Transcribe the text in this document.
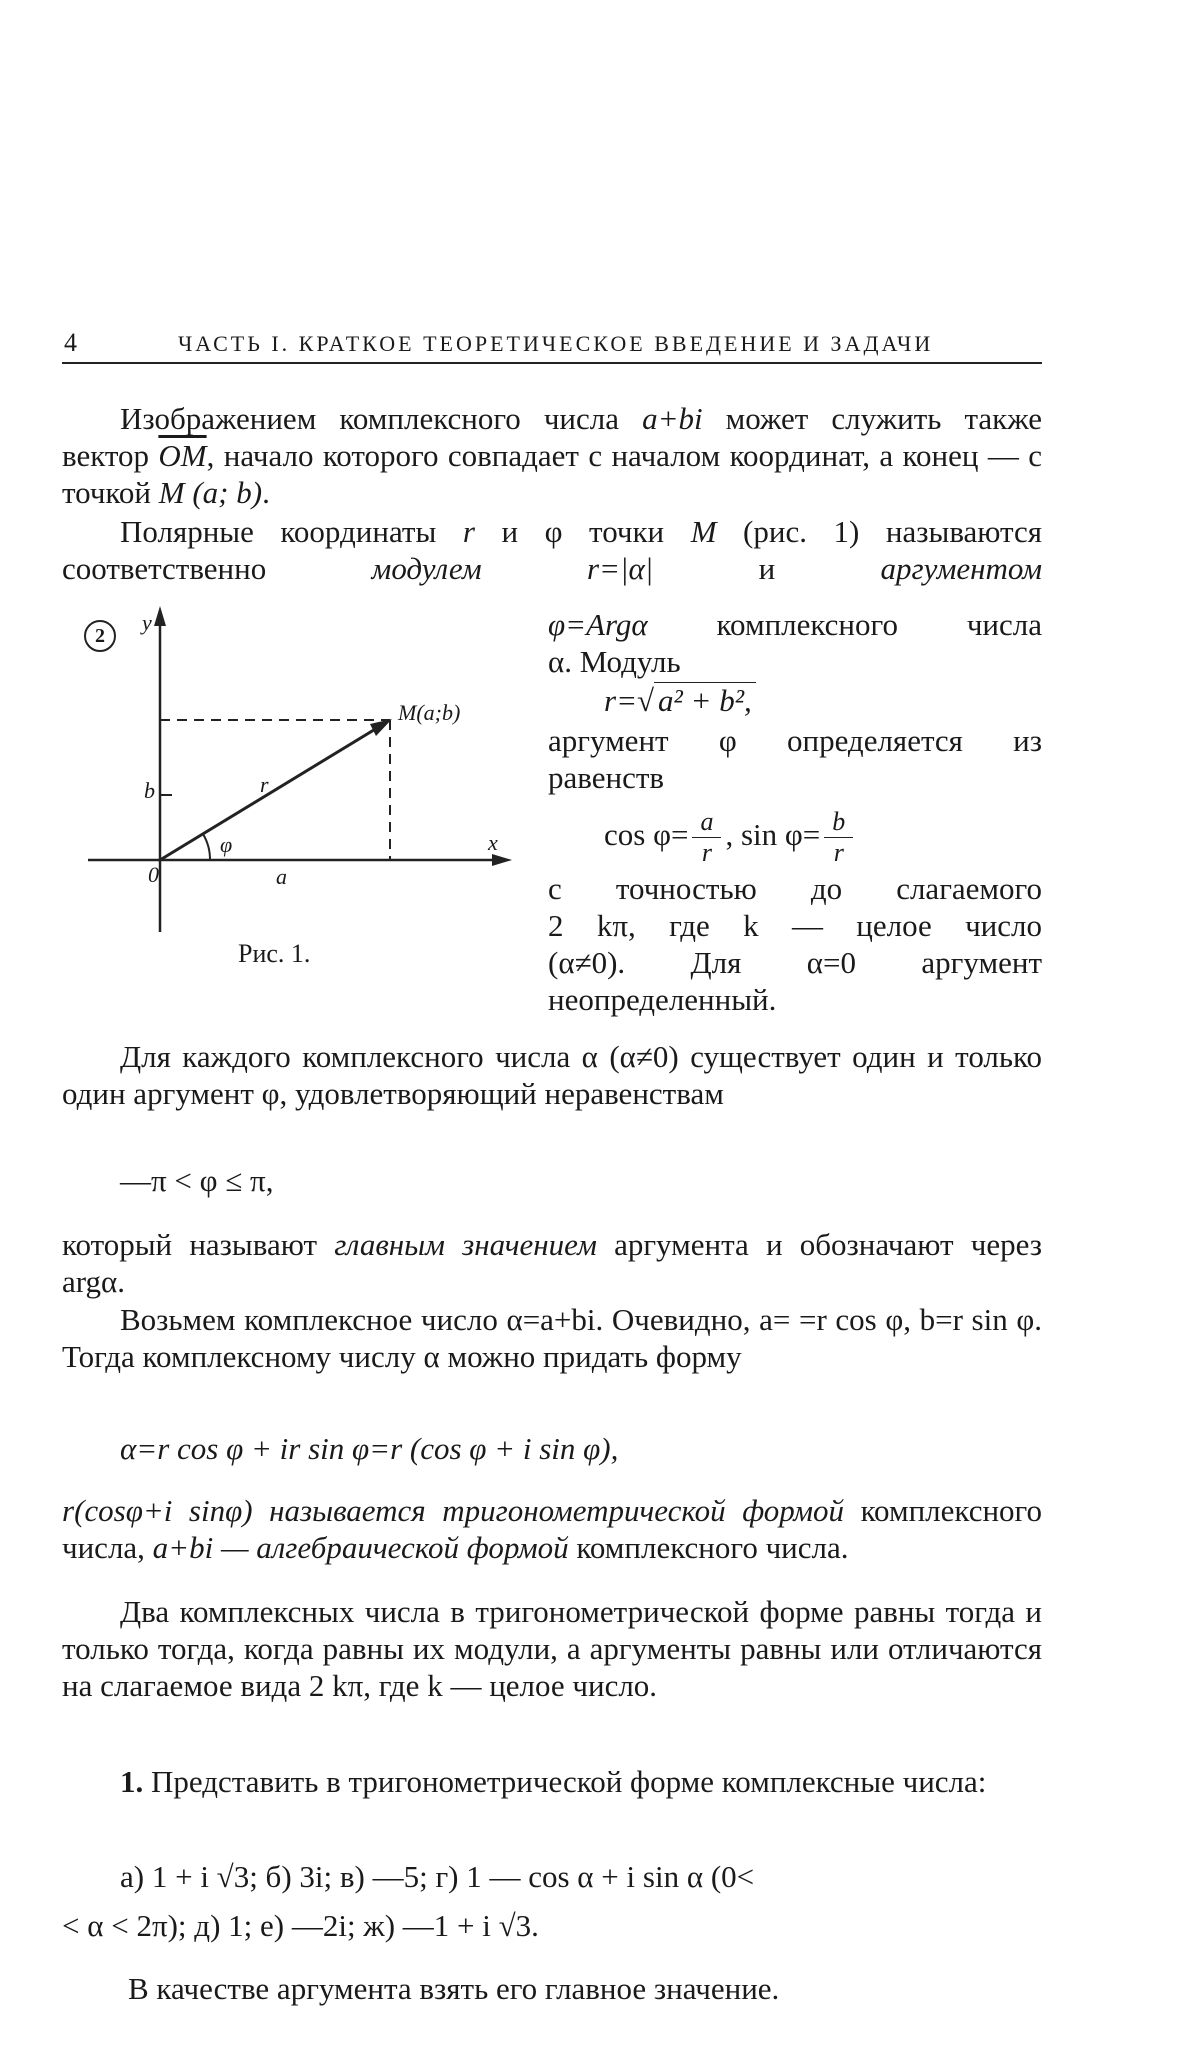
4	ЧАСТЬ I. КРАТКОЕ ТЕОРЕТИЧЕСКОЕ ВВЕДЕНИЕ И ЗАДАЧИ

Изображением комплексного числа a+bi может служить также вектор $\overline{OM}$, начало которого совпадает с началом координат, а конец — с точкой M (a; b).

Полярные координаты r и φ точки M (рис. 1) называются соответственно модулем r=|α| и аргументом

2
y
x
0
M(a;b)
b
a
r
φ
Рис. 1.

φ=Argα комплексного числа

α. Модуль

r=√ a² + b²,

аргумент φ определяется из

равенств

$\cos \varphi= \frac{a}{r}$ , $\sin \varphi= \frac{b}{r}$

с точностью до слагаемого

2 kπ, где k — целое число

(α≠0). Для α=0 аргумент

неопределенный.

Для каждого комплексного числа α (α≠0) существует один и только один аргумент φ, удовлетворяющий неравенствам

—π < φ ≤ π,

который называют главным значением аргумента и обозначают через argα.

Возьмем комплексное число α=a+bi. Очевидно, a= =r cos φ, b=r sin φ. Тогда комплексному числу α можно придать форму

α=r cos φ + ir sin φ=r (cos φ + i sin φ),

r(cosφ+i sinφ) называется тригонометрической формой комплексного числа, a+bi — алгебраической формой комплексного числа.

Два комплексных числа в тригонометрической форме равны тогда и только тогда, когда равны их модули, а аргументы равны или отличаются на слагаемое вида 2 kπ, где k — целое число.

1. Представить в тригонометрической форме комплексные числа:

а) 1 + i √3; б) 3i; в) —5; г) 1 — cos α + i sin α (0<
< α < 2π); д) 1; е) —2i; ж) —1 + i √3.

В качестве аргумента взять его главное значение.
